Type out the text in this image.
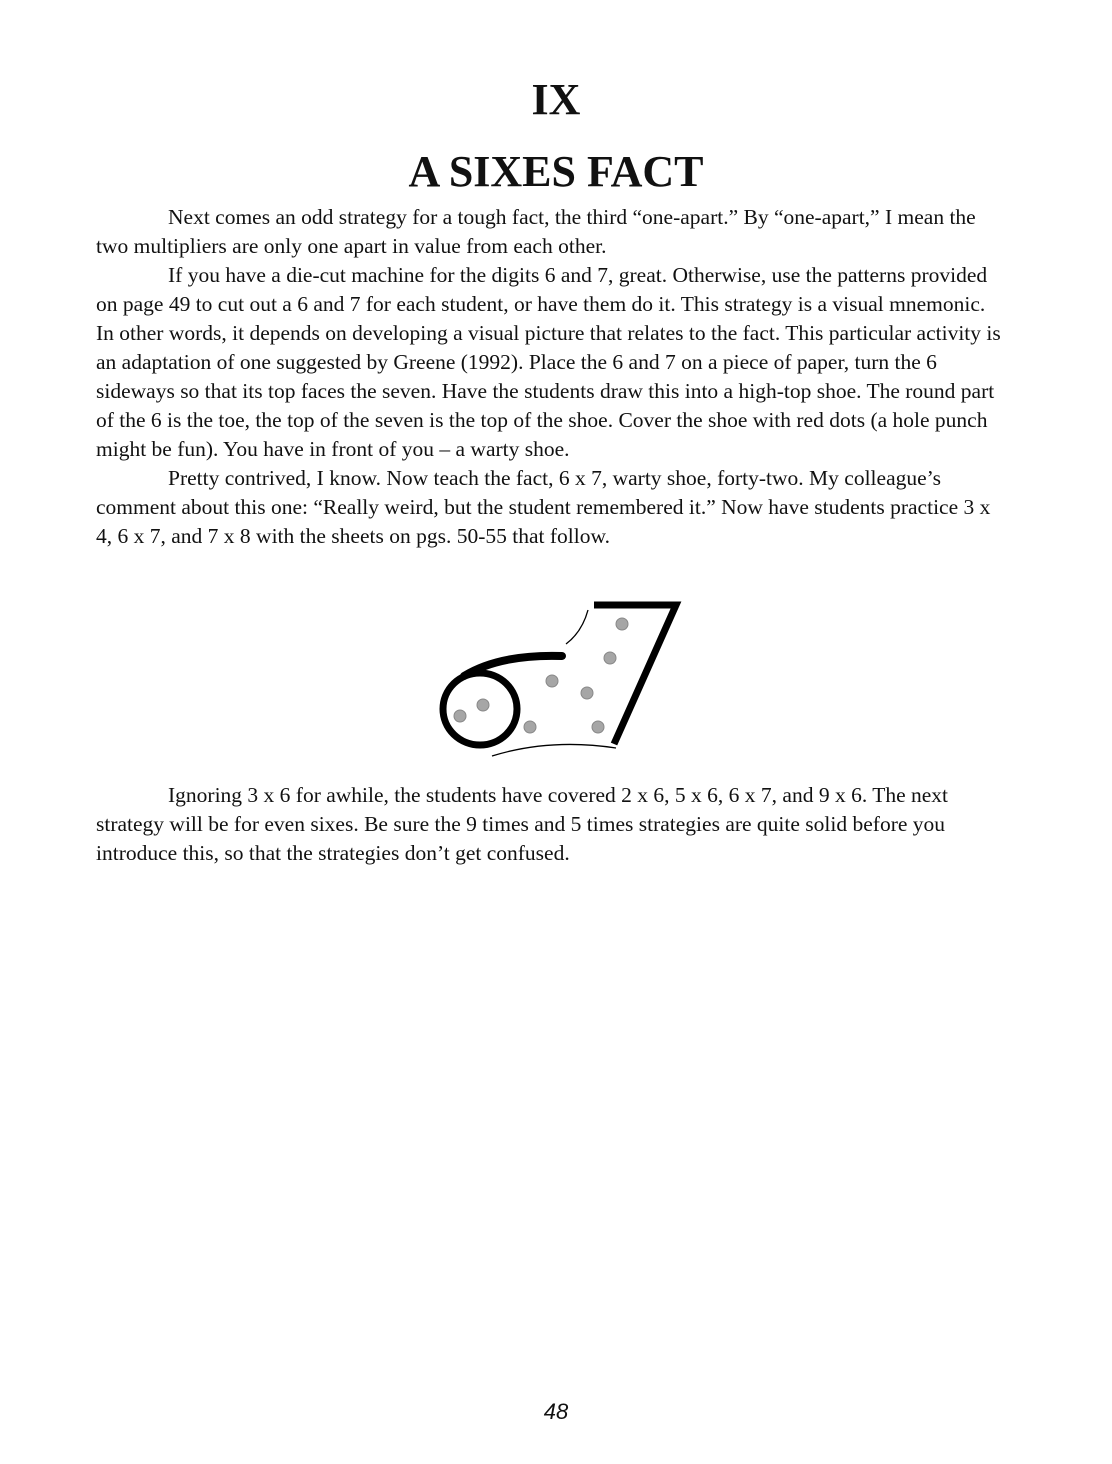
IX
A SIXES FACT

Next comes an odd strategy for a tough fact, the third “one-apart.” By “one-apart,” I mean the two multipliers are only one apart in value from each other.

If you have a die-cut machine for the digits 6 and 7, great. Otherwise, use the patterns provided on page 49 to cut out a 6 and 7 for each student, or have them do it. This strategy is a visual mnemonic. In other words, it depends on developing a visual picture that relates to the fact. This particular activity is an adaptation of one suggested by Greene (1992). Place the 6 and 7 on a piece of paper, turn the 6 sideways so that its top faces the seven. Have the students draw this into a high-top shoe. The round part of the 6 is the toe, the top of the seven is the top of the shoe. Cover the shoe with red dots (a hole punch might be fun). You have in front of you – a warty shoe.

Pretty contrived, I know. Now teach the fact, 6 x 7, warty shoe, forty-two. My colleague’s comment about this one: “Really weird, but the student remembered it.” Now have students practice 3 x 4, 6 x 7, and 7 x 8 with the sheets on pgs. 50-55 that follow.

Ignoring 3 x 6 for awhile, the students have covered 2 x 6, 5 x 6, 6 x 7, and 9 x 6. The next strategy will be for even sixes. Be sure the 9 times and 5 times strategies are quite solid before you introduce this, so that the strategies don’t get confused.

48
